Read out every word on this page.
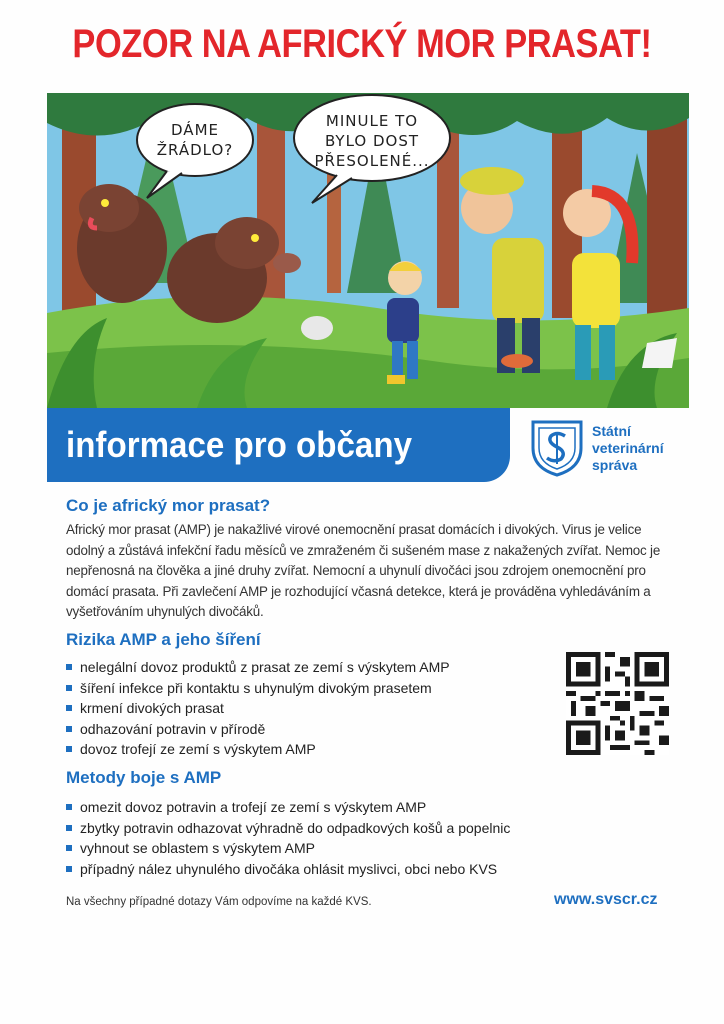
POZOR NA AFRICKÝ MOR PRASAT!
DÁME
ŽRÁDLO?
MINULE TO
BYLO DOST
PŘESOLENÉ...
informace pro občany	Státní
veterinární
správa
Co je africký mor prasat?
Africký mor prasat (AMP) je nakažlivé virové onemocnění prasat domácích i divokých. Virus je velice odolný a zůstává infekční řadu měsíců ve zmraženém či sušeném mase z nakažených zvířat. Nemoc je nepřenosná na člověka a jiné druhy zvířat. Nemocní a uhynulí divočáci jsou zdrojem onemocnění pro domácí prasata. Při zavlečení AMP je rozhodující včasná detekce, která je prováděna vyhledáváním a vyšetřováním uhynulých divočáků.
Rizika AMP a jeho šíření
nelegální dovoz produktů z prasat ze zemí s výskytem AMP
šíření infekce při kontaktu s uhynulým divokým prasetem
krmení divokých prasat
odhazování potravin v přírodě
dovoz trofejí ze zemí s výskytem AMP
Metody boje s AMP
omezit dovoz potravin a trofejí ze zemí s výskytem AMP
zbytky potravin odhazovat výhradně do odpadkových košů a popelnic
vyhnout se oblastem s výskytem AMP
případný nález uhynulého divočáka ohlásit myslivci, obci nebo KVS
Na všechny případné dotazy Vám odpovíme na každé KVS.	www.svscr.cz
